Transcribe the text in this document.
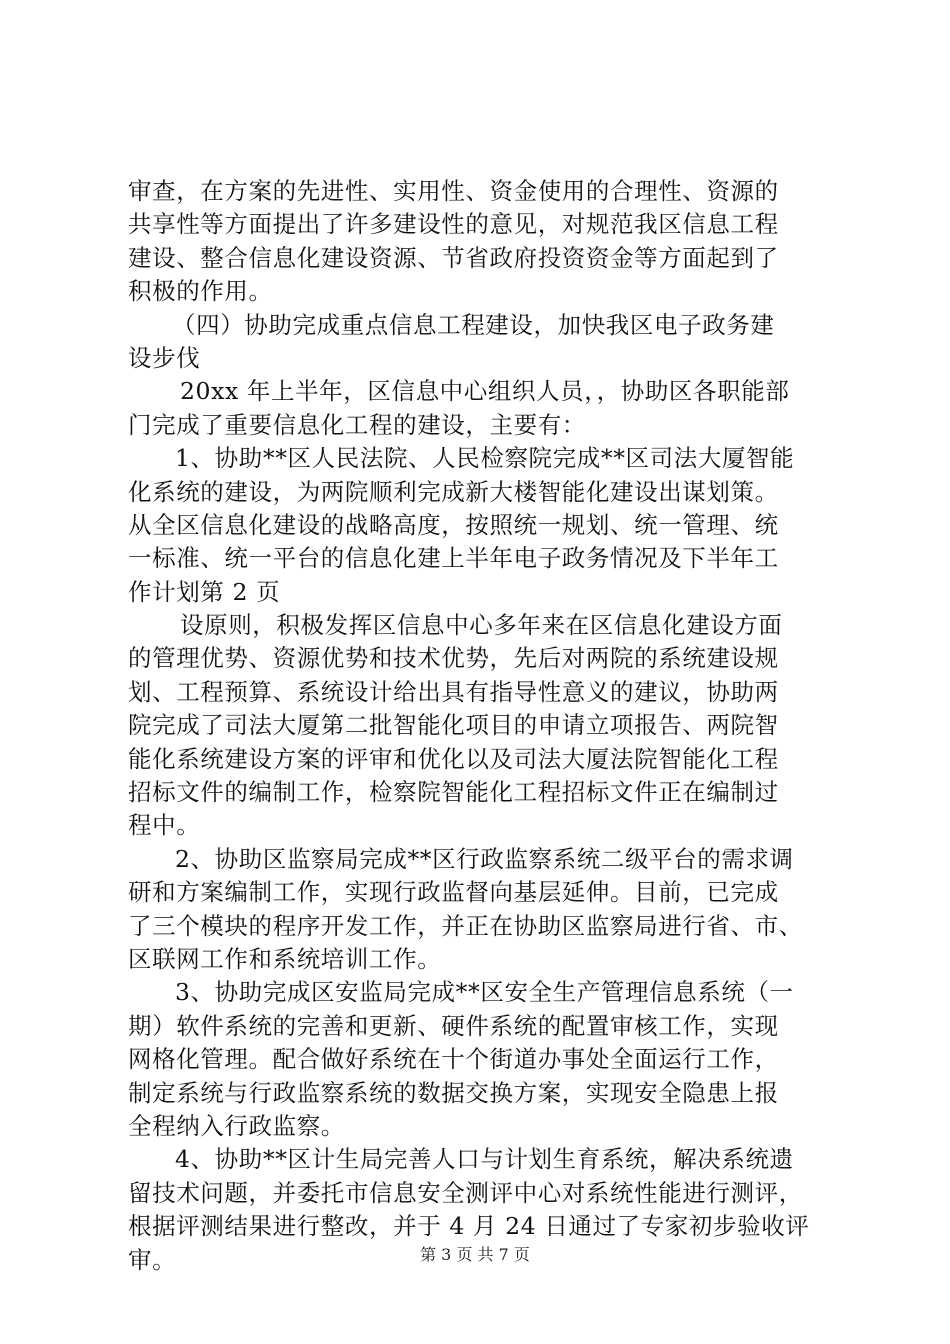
审查，在方案的先进性、实用性、资金使用的合理性、资源的
共享性等方面提出了许多建设性的意见，对规范我区信息工程
建设、整合信息化建设资源、节省政府投资资金等方面起到了
积极的作用。
（四）协助完成重点信息工程建设，加快我区电子政务建
设步伐
20xx 年上半年，区信息中心组织人员，，协助区各职能部
门完成了重要信息化工程的建设，主要有：
1、协助**区人民法院、人民检察院完成**区司法大厦智能
化系统的建设，为两院顺利完成新大楼智能化建设出谋划策。
从全区信息化建设的战略高度，按照统一规划、统一管理、统
一标准、统一平台的信息化建上半年电子政务情况及下半年工
作计划第 2 页
设原则，积极发挥区信息中心多年来在区信息化建设方面
的管理优势、资源优势和技术优势，先后对两院的系统建设规
划、工程预算、系统设计给出具有指导性意义的建议，协助两
院完成了司法大厦第二批智能化项目的申请立项报告、两院智
能化系统建设方案的评审和优化以及司法大厦法院智能化工程
招标文件的编制工作，检察院智能化工程招标文件正在编制过
程中。
2、协助区监察局完成**区行政监察系统二级平台的需求调
研和方案编制工作，实现行政监督向基层延伸。目前，已完成
了三个模块的程序开发工作，并正在协助区监察局进行省、市、
区联网工作和系统培训工作。
3、协助完成区安监局完成**区安全生产管理信息系统（一
期）软件系统的完善和更新、硬件系统的配置审核工作，实现
网格化管理。配合做好系统在十个街道办事处全面运行工作，
制定系统与行政监察系统的数据交换方案，实现安全隐患上报
全程纳入行政监察。
4、协助**区计生局完善人口与计划生育系统，解决系统遗
留技术问题，并委托市信息安全测评中心对系统性能进行测评，
根据评测结果进行整改，并于 4 月 24 日通过了专家初步验收评
审。	第 3 页 共 7 页
